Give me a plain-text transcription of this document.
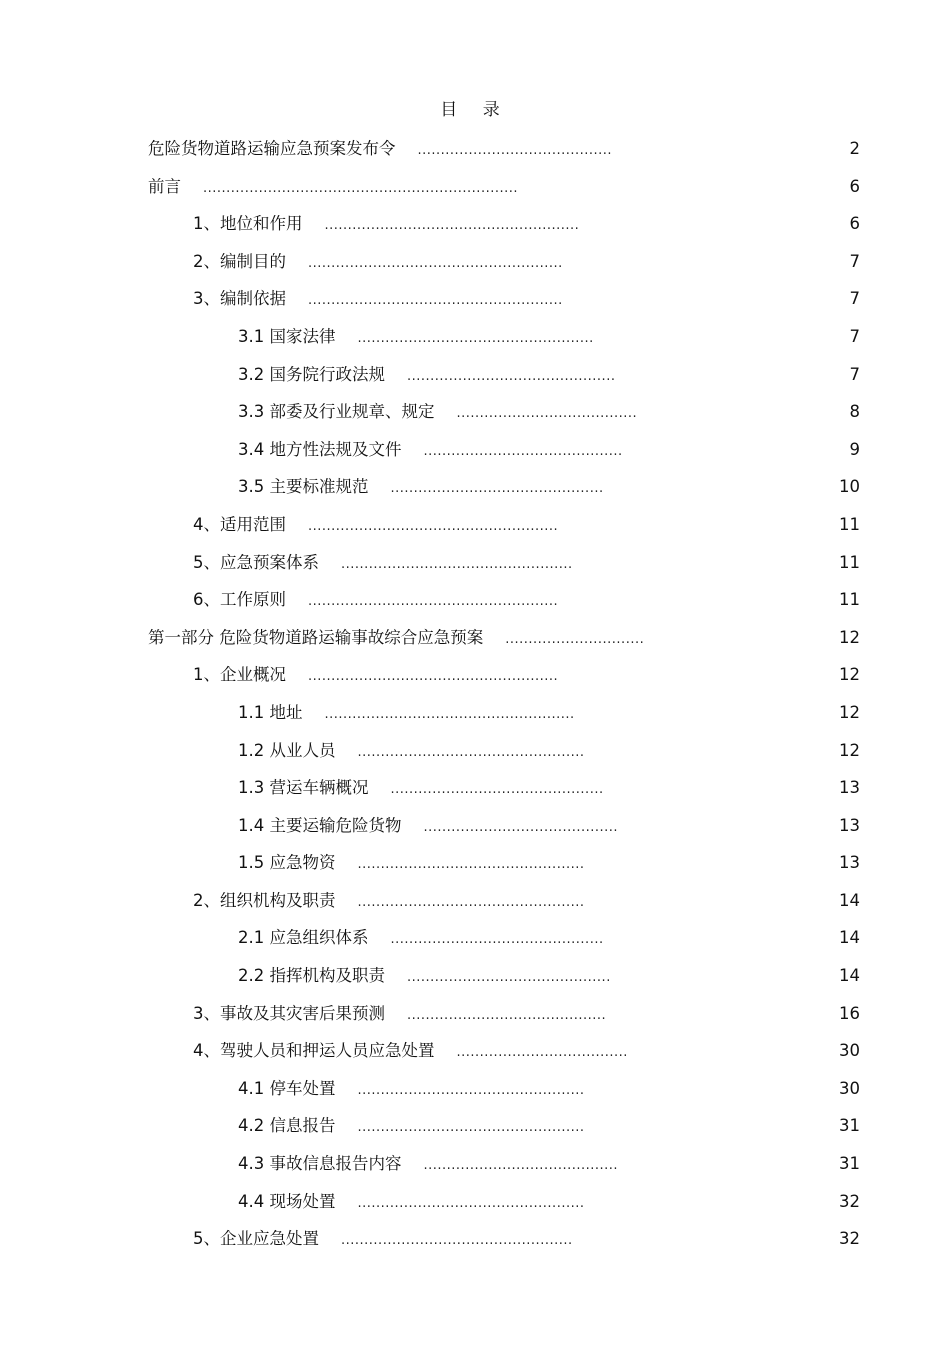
目 录
危险货物道路运输应急预案发布令 ..........................................	2
前言 ....................................................................	6
1、地位和作用 .......................................................	6
2、编制目的 .......................................................	7
3、编制依据 .......................................................	7
3.1 国家法律 ...................................................	7
3.2 国务院行政法规 .............................................	7
3.3 部委及行业规章、规定 .......................................	8
3.4 地方性法规及文件 ...........................................	9
3.5 主要标准规范 ..............................................	10
4、适用范围 ......................................................	11
5、应急预案体系 ..................................................	11
6、工作原则 ......................................................	11
第一部分 危险货物道路运输事故综合应急预案 ..............................	12
1、企业概况 ......................................................	12
1.1 地址 ......................................................	12
1.2 从业人员 .................................................	12
1.3 营运车辆概况 ..............................................	13
1.4 主要运输危险货物 ..........................................	13
1.5 应急物资 .................................................	13
2、组织机构及职责 .................................................	14
2.1 应急组织体系 ..............................................	14
2.2 指挥机构及职责 ............................................	14
3、事故及其灾害后果预测 ...........................................	16
4、驾驶人员和押运人员应急处置 .....................................	30
4.1 停车处置 .................................................	30
4.2 信息报告 .................................................	31
4.3 事故信息报告内容 ..........................................	31
4.4 现场处置 .................................................	32
5、企业应急处置 ..................................................	32
